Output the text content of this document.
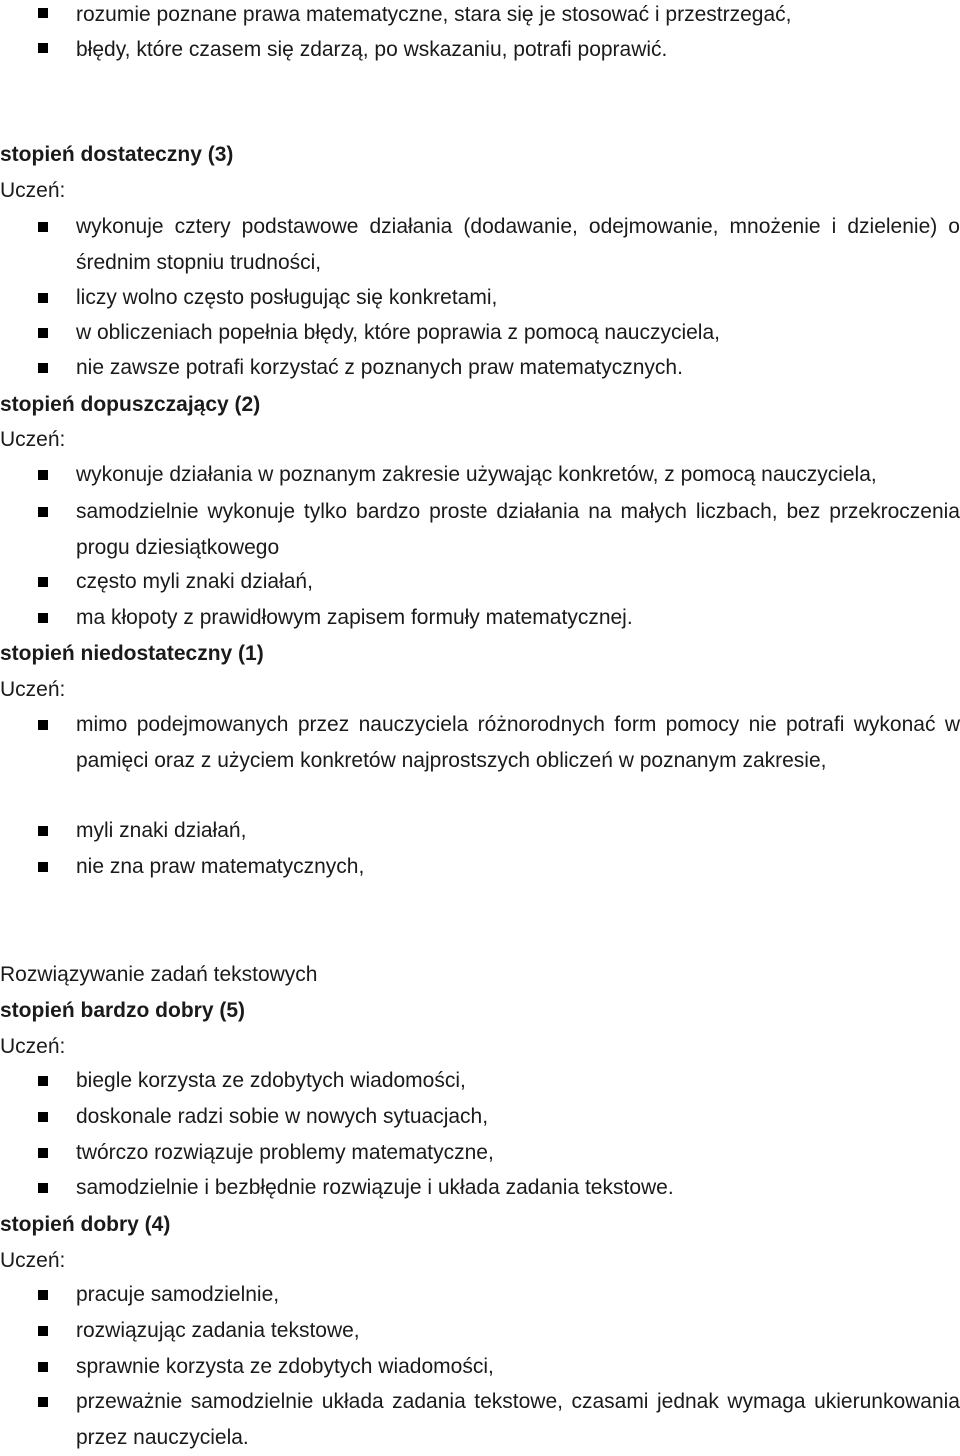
rozumie poznane prawa matematyczne, stara się je stosować i przestrzegać,
błędy, które czasem się zdarzą, po wskazaniu, potrafi poprawić.
stopień dostateczny (3)
Uczeń:
wykonuje cztery podstawowe działania (dodawanie, odejmowanie, mnożenie i dzielenie) o średnim stopniu trudności,
liczy wolno często posługując się konkretami,
w obliczeniach popełnia błędy, które poprawia z pomocą nauczyciela,
nie zawsze potrafi korzystać z poznanych praw matematycznych.
stopień dopuszczający (2)
Uczeń:
wykonuje działania w poznanym zakresie używając konkretów, z pomocą nauczyciela,
samodzielnie wykonuje tylko bardzo proste działania na małych liczbach, bez przekroczenia progu dziesiątkowego
często myli znaki działań,
ma kłopoty z prawidłowym zapisem formuły matematycznej.
stopień niedostateczny (1)
Uczeń:
mimo podejmowanych przez nauczyciela różnorodnych form pomocy nie potrafi wykonać w pamięci oraz z użyciem konkretów najprostszych obliczeń w poznanym zakresie,
myli znaki działań,
nie zna praw matematycznych,
Rozwiązywanie zadań tekstowych
stopień bardzo dobry (5)
Uczeń:
biegle korzysta ze zdobytych wiadomości,
doskonale radzi sobie w nowych sytuacjach,
twórczo rozwiązuje problemy matematyczne,
samodzielnie i bezbłędnie rozwiązuje i układa zadania tekstowe.
stopień dobry (4)
Uczeń:
pracuje samodzielnie,
rozwiązując zadania tekstowe,
sprawnie korzysta ze zdobytych wiadomości,
przeważnie samodzielnie układa zadania tekstowe, czasami jednak wymaga ukierunkowania przez nauczyciela.
